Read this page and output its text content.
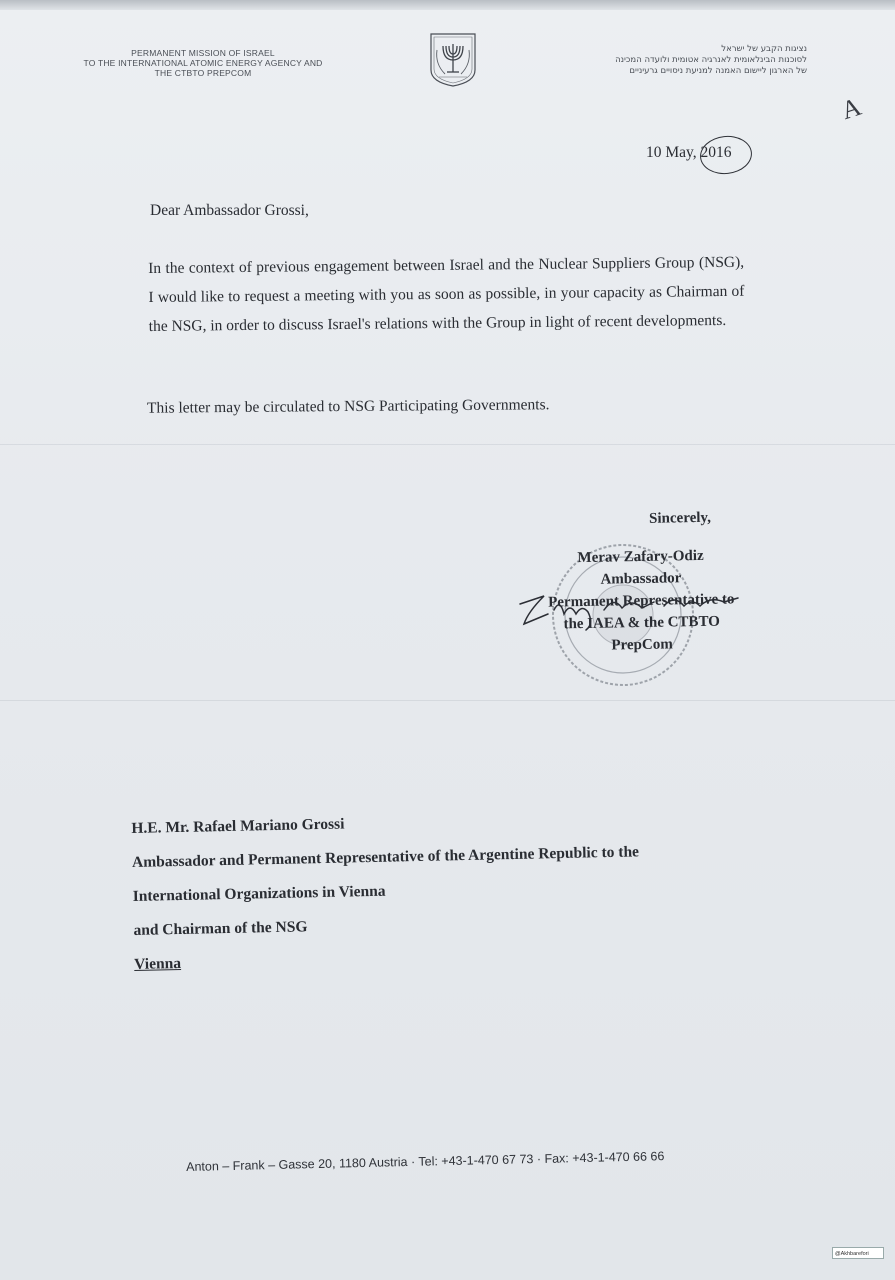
PERMANENT MISSION OF ISRAEL
TO THE INTERNATIONAL ATOMIC ENERGY AGENCY AND
THE CTBTO PREPCOM
נציגות הקבע של ישראל
לסוכנות הבינלאומית לאנרגיה אטומית ולועדה המכינה
של הארגון ליישום האמנה למניעת ניסויים גרעיניים
A
10 May, 2016
Dear Ambassador Grossi,
In the context of previous engagement between Israel and the Nuclear Suppliers Group (NSG), I would like to request a meeting with you as soon as possible, in your capacity as Chairman of the NSG, in order to discuss Israel's relations with the Group in light of recent developments.
This letter may be circulated to NSG Participating Governments.
Sincerely,
Merav Zafary-Odiz
Ambassador
Permanent Representative to
the IAEA & the CTBTO
PrepCom
H.E. Mr. Rafael Mariano Grossi
Ambassador and Permanent Representative of the Argentine Republic to the
International Organizations in Vienna
and Chairman of the NSG
Vienna
Anton – Frank – Gasse 20, 1180 Austria · Tel: +43-1-470 67 73 · Fax: +43-1-470 66 66
@Akhbarefori
